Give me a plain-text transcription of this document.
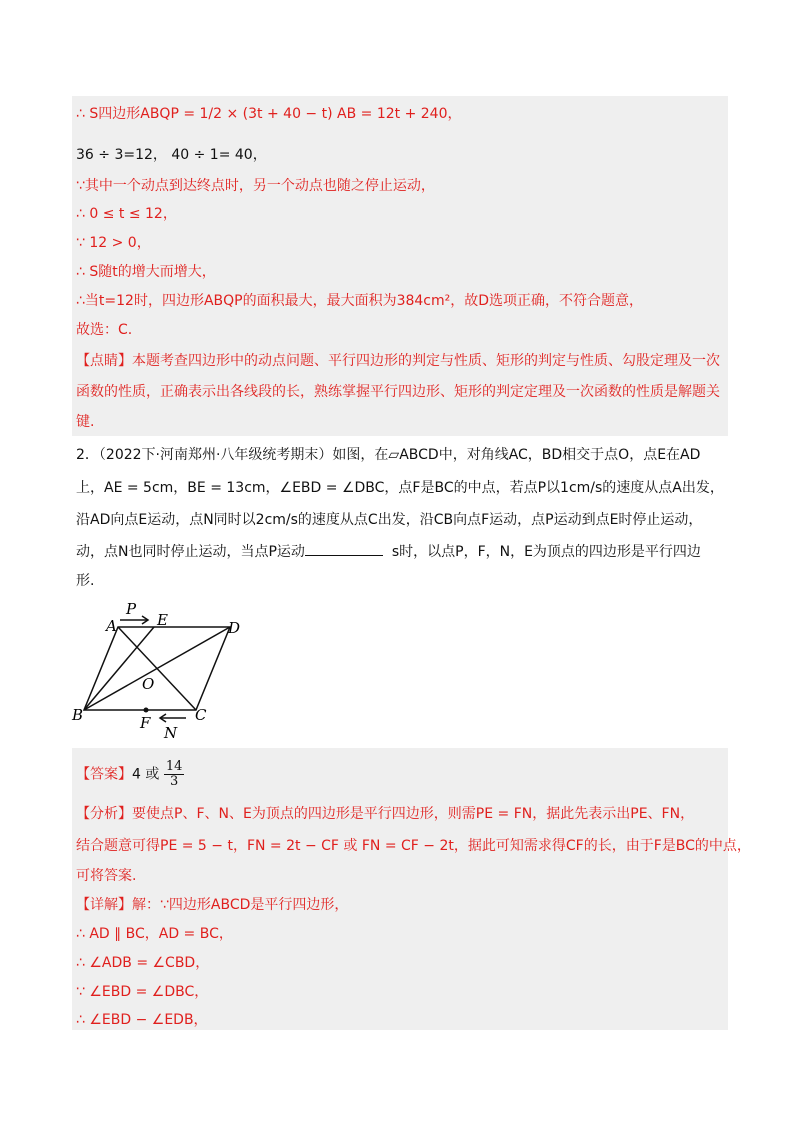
∴ S四边形ABQP = 1/2 × (3t + 40 − t) AB = 12t + 240，
36 ÷ 3=12， 40 ÷ 1= 40，
∵其中一个动点到达终点时，另一个动点也随之停止运动，
∴ 0 ≤ t ≤ 12，
∵ 12 > 0，
∴ S随t的增大而增大，
∴当t=12时，四边形ABQP的面积最大，最大面积为384cm²，故D选项正确，不符合题意，
故选：C.
【点睛】本题考查四边形中的动点问题、平行四边形的判定与性质、矩形的判定与性质、勾股定理及一次
函数的性质，正确表示出各线段的长，熟练掌握平行四边形、矩形的判定定理及一次函数的性质是解题关
键.
2．（2022下·河南郑州·八年级统考期末）如图，在▱ABCD中，对角线AC，BD相交于点O，点E在AD
上，AE = 5cm，BE = 13cm，∠EBD = ∠DBC，点F是BC的中点，若点P以1cm/s的速度从点A出发，
沿AD向点E运动，点N同时以2cm/s的速度从点C出发，沿CB向点F运动，点P运动到点E时停止运动，
动，点N也同时停止运动，当点P运动	s时，以点P，F，N，E为顶点的四边形是平行四边
形.
A
B	C
D
E
O
F
P
N
【答案】4 或 $\frac{14}{3}$
【分析】要使点P、F、N、E为顶点的四边形是平行四边形，则需PE = FN，据此先表示出PE、FN，
结合题意可得PE = 5 − t，FN = 2t − CF 或 FN = CF − 2t，据此可知需求得CF的长，由于F是BC的中点，
可将答案.
【详解】解：∵四边形ABCD是平行四边形，
∴ AD ∥ BC，AD = BC，
∴ ∠ADB = ∠CBD，
∵ ∠EBD = ∠DBC，
∴ ∠EBD − ∠EDB，
